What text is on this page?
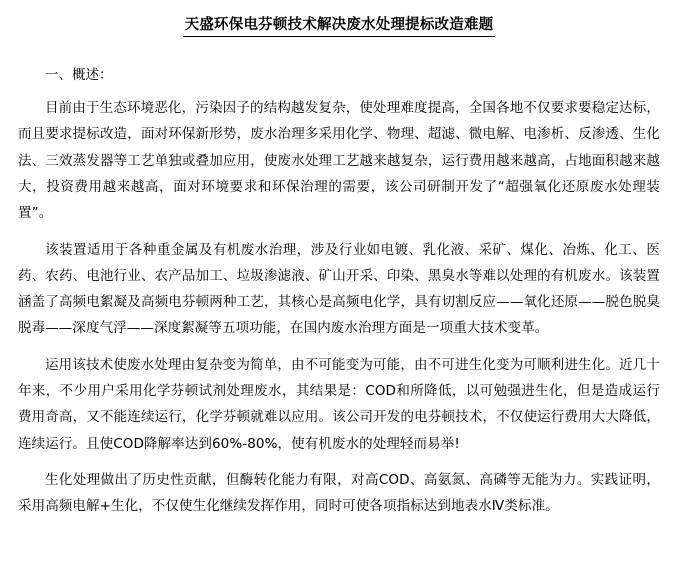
天盛环保电芬顿技术解决废水处理提标改造难题
一、概述：

目前由于生态环境恶化，污染因子的结构越发复杂，使处理难度提高，全国各地不仅要求要稳定达标，而且要求提标改造，面对环保新形势，废水治理多采用化学、物理、超滤、微电解、电渗析、反渗透、生化法、三效蒸发器等工艺单独或叠加应用，使废水处理工艺越来越复杂，运行费用越来越高，占地面积越来越大，投资费用越来越高，面对环境要求和环保治理的需要，该公司研制开发了“超强氧化还原废水处理装置”。

该装置适用于各种重金属及有机废水治理，涉及行业如电镀、乳化液、采矿、煤化、冶炼、化工、医药、农药、电池行业、农产品加工、垃圾渗滤液、矿山开采、印染、黑臭水等难以处理的有机废水。该装置涵盖了高频电絮凝及高频电芬顿两种工艺，其核心是高频电化学，具有切割反应——氧化还原——脱色脱臭脱毒——深度气浮——深度絮凝等五项功能，在国内废水治理方面是一项重大技术变革。

运用该技术使废水处理由复杂变为简单，由不可能变为可能，由不可进生化变为可顺利进生化。近几十年来，不少用户采用化学芬顿试剂处理废水，其结果是：COD和所降低，以可勉强进生化，但是造成运行费用奇高，又不能连续运行，化学芬顿就难以应用。该公司开发的电芬顿技术，不仅使运行费用大大降低，连续运行。且使COD降解率达到60%-80%，使有机废水的处理轻而易举!

生化处理做出了历史性贡献，但酶转化能力有限，对高COD、高氨氮、高磷等无能为力。实践证明，采用高频电解+生化，不仅使生化继续发挥作用，同时可使各项指标达到地表水Ⅳ类标准。
